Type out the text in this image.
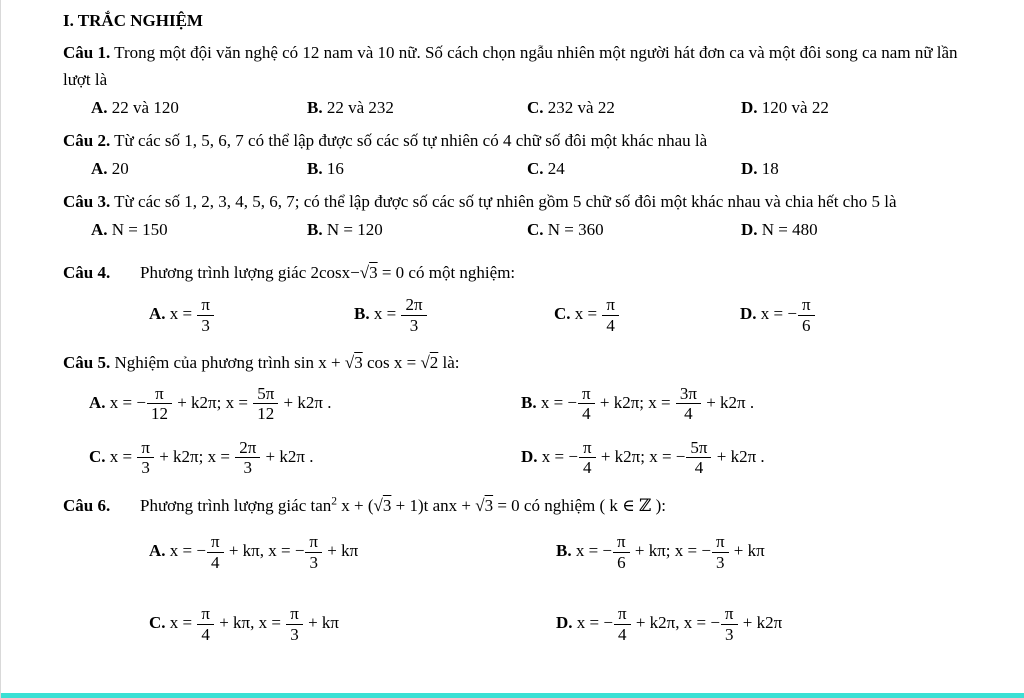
I. TRẮC NGHIỆM
Câu 1. Trong một đội văn nghệ có 12 nam và 10 nữ. Số cách chọn ngẫu nhiên một người hát đơn ca và một đôi song ca nam nữ lần lượt là
A. 22 và 120	B. 22 và 232	C. 232 và 22	D. 120 và 22
Câu 2. Từ các số 1, 5, 6, 7 có thể lập được số các số tự nhiên có 4 chữ số đôi một khác nhau là
A. 20	B. 16	C. 24	D. 18
Câu 3. Từ các số 1, 2, 3, 4, 5, 6, 7; có thể lập được số các số tự nhiên gồm 5 chữ số đôi một khác nhau và chia hết cho 5 là
A. N = 150	B. N = 120	C. N = 360	D. N = 480
Câu 4.       Phương trình lượng giác 2cosx−√3 = 0 có một nghiệm:
A. $x = \frac{\pi}{3}$	B. $x = \frac{2\pi}{3}$	C. $x = \frac{\pi}{4}$	D. x = − $\frac{\pi}{6}$
Câu 5. Nghiệm của phương trình sin x + √3 cos x = √2 là:
A. x = − $\frac{\pi}{12} + k2\pi$; $x = \frac{5\pi}{12} + k2\pi$ .	B. x = − $\frac{\pi}{4} + k2\pi$; $x = \frac{3\pi}{4} + k2\pi$ .
C. $x = \frac{\pi}{3} + k2\pi$; $x = \frac{2\pi}{3} + k2\pi$ .	D. x = − $\frac{\pi}{4} + k2\pi$; x = − $\frac{5\pi}{4} + k2\pi$ .
Câu 6.       Phương trình lượng giác $\tan^2 x + (√3 + 1)t$ anx + √3 = 0 có nghiệm ( k ∈ ℤ ):
A. x = − $\frac{\pi}{4} + k\pi$, x = − $\frac{\pi}{3} + k\pi$	B. x = − $\frac{\pi}{6} + k\pi$; x = − $\frac{\pi}{3} + k\pi$
C. $x = \frac{\pi}{4} + k\pi$, $x = \frac{\pi}{3} + k\pi$	D. x = − $\frac{\pi}{4} + k2\pi$, x = − $\frac{\pi}{3} + k2\pi$
